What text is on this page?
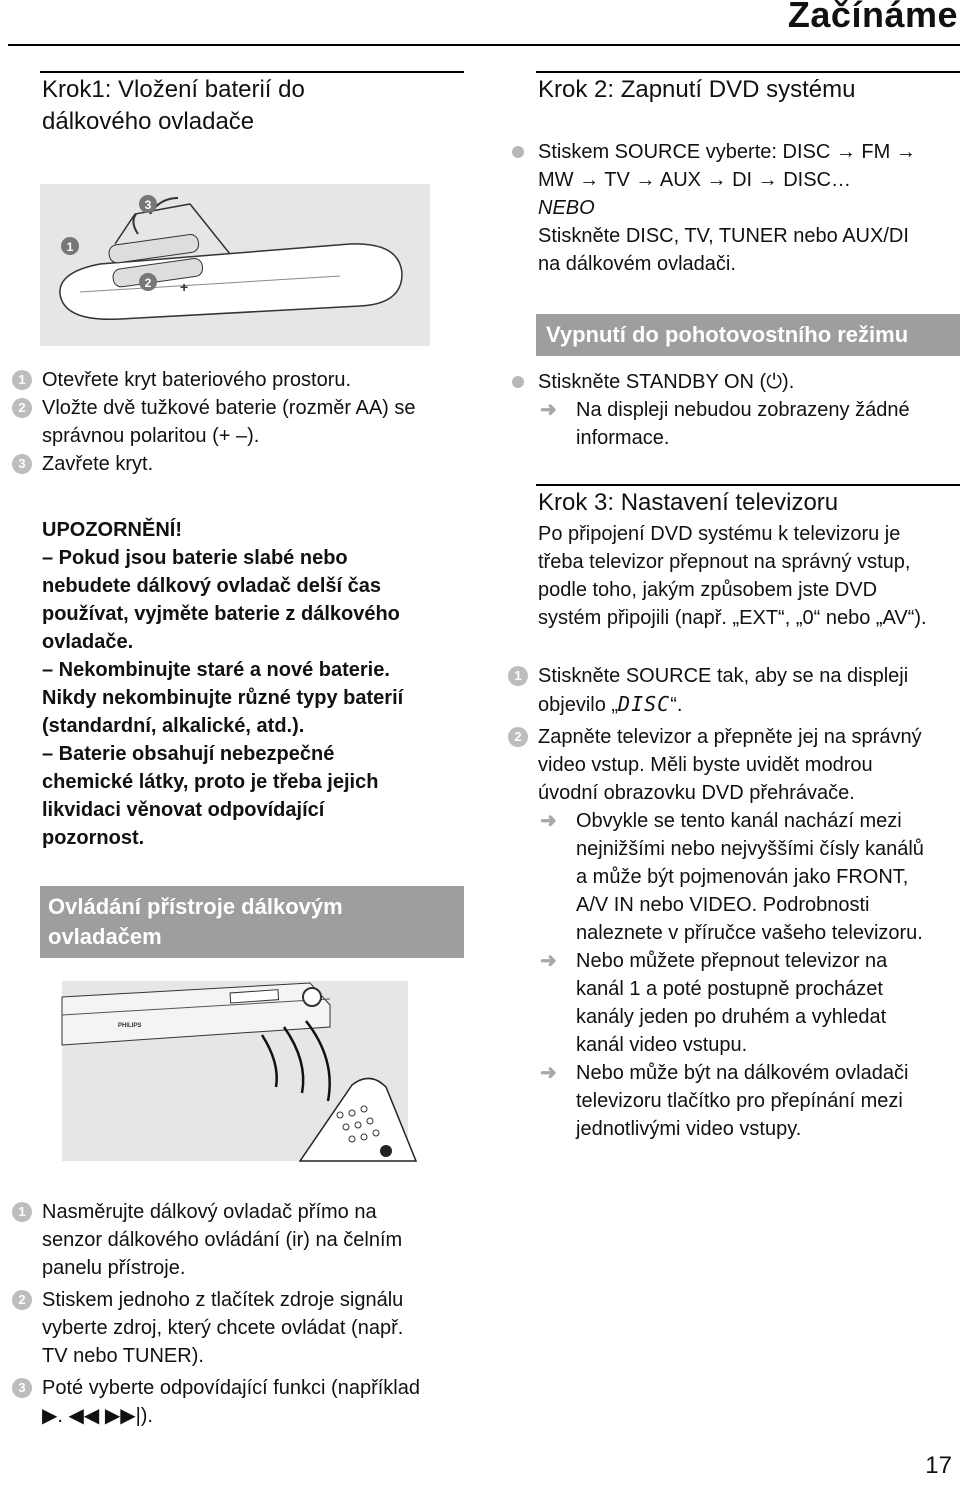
Začínáme
Krok1: Vložení baterií do
dálkového ovladače
1
2
3
+
1 Otevřete kryt bateriového prostoru.
2 Vložte dvě tužkové baterie (rozměr AA) se
správnou polaritou (+ –).
3 Zavřete kryt.
UPOZORNĚNÍ!
– Pokud jsou baterie slabé nebo
nebudete dálkový ovladač delší čas
používat, vyjměte baterie z dálkového
ovladače.
– Nekombinujte staré a nové baterie.
Nikdy nekombinujte různé typy baterií
(standardní, alkalické, atd.).
– Baterie obsahují nebezpečné
chemické látky, proto je třeba jejich
likvidaci věnovat odpovídající
pozornost.
Ovládání přístroje dálkovým
ovladačem
PHILIPS
1 Nasměrujte dálkový ovladač přímo na
senzor dálkového ovládání (ir) na čelním
panelu přístroje.
2 Stiskem jednoho z tlačítek zdroje signálu
vyberte zdroj, který chcete ovládat (např.
TV nebo TUNER).
3 Poté vyberte odpovídající funkci (například
▶. ◀◀ ▶▶|).
Krok 2: Zapnutí DVD systému
Stiskem SOURCE vyberte: DISC → FM →
MW → TV → AUX → DI → DISC…
NEBO
Stiskněte DISC, TV, TUNER nebo AUX/DI
na dálkovém ovladači.
Vypnutí do pohotovostního režimu
Stiskněte STANDBY ON (⏻).
➜ Na displeji nebudou zobrazeny žádné
informace.
Krok 3: Nastavení televizoru
Po připojení DVD systému k televizoru je
třeba televizor přepnout na správný vstup,
podle toho, jakým způsobem jste DVD
systém připojili (např. „EXT“, „0“ nebo „AV“).
1 Stiskněte SOURCE tak, aby se na displeji
objevilo „DISC“.
2 Zapněte televizor a přepněte jej na správný
video vstup. Měli byste uvidět modrou
úvodní obrazovku DVD přehrávače.
➜ Obvykle se tento kanál nachází mezi
nejnižšími nebo nejvyššími čísly kanálů
a může být pojmenován jako FRONT,
A/V IN nebo VIDEO. Podrobnosti
naleznete v příručce vašeho televizoru.
➜ Nebo můžete přepnout televizor na
kanál 1 a poté postupně procházet
kanály jeden po druhém a vyhledat
kanál video vstupu.
➜ Nebo může být na dálkovém ovladači
televizoru tlačítko pro přepínání mezi
jednotlivými video vstupy.
17
